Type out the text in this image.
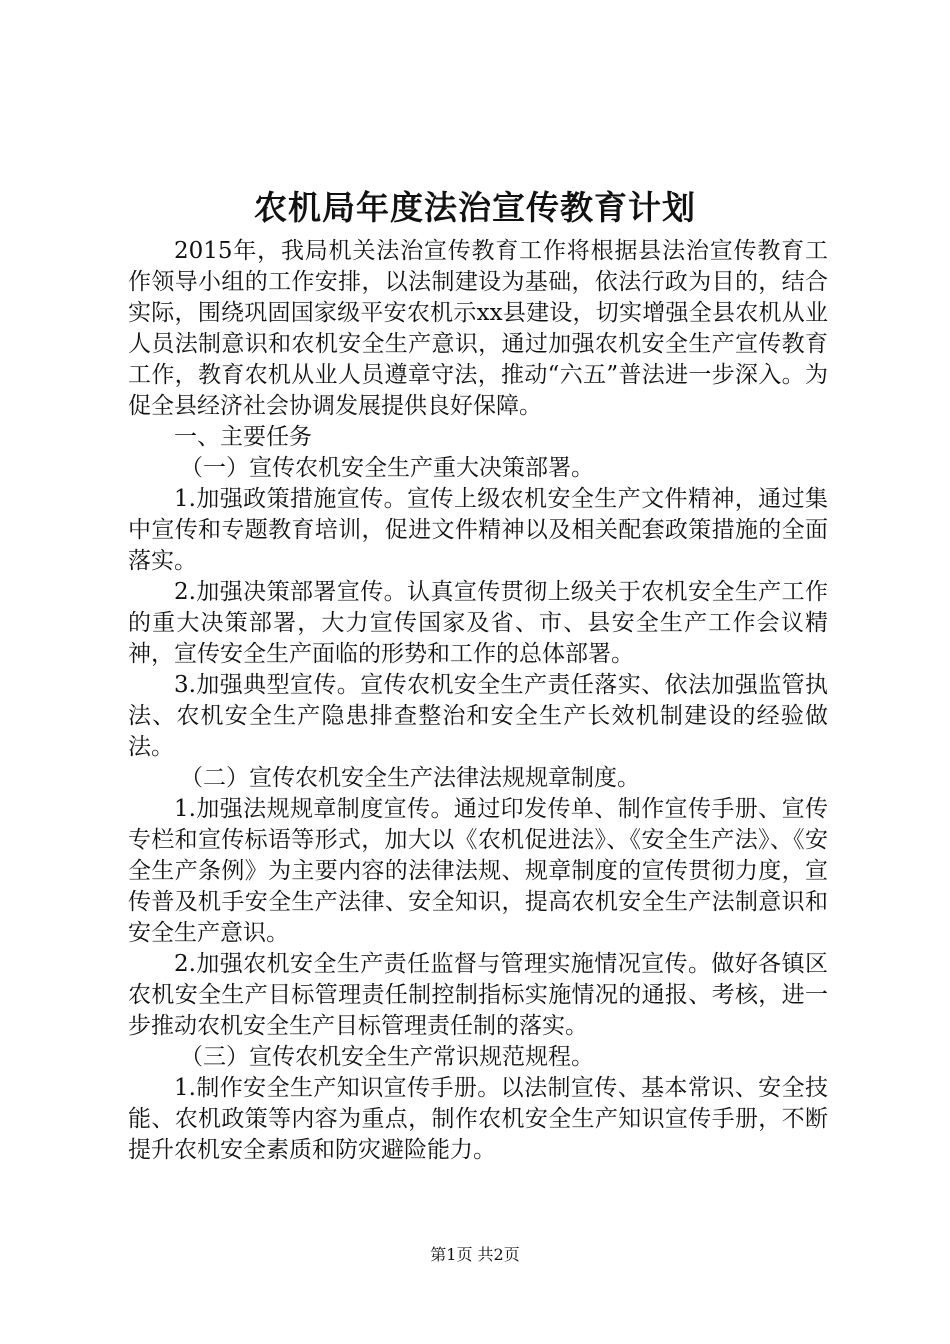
农机局年度法治宣传教育计划

2015年，我局机关法治宣传教育工作将根据县法治宣传教育工作领导小组的工作安排，以法制建设为基础，依法行政为目的，结合实际，围绕巩固国家级平安农机示xx县建设，切实增强全县农机从业人员法制意识和农机安全生产意识，通过加强农机安全生产宣传教育工作，教育农机从业人员遵章守法，推动“六五”普法进一步深入。为促全县经济社会协调发展提供良好保障。

一、主要任务

（一）宣传农机安全生产重大决策部署。

1.加强政策措施宣传。宣传上级农机安全生产文件精神，通过集中宣传和专题教育培训，促进文件精神以及相关配套政策措施的全面落实。

2.加强决策部署宣传。认真宣传贯彻上级关于农机安全生产工作的重大决策部署，大力宣传国家及省、市、县安全生产工作会议精神，宣传安全生产面临的形势和工作的总体部署。

3.加强典型宣传。宣传农机安全生产责任落实、依法加强监管执法、农机安全生产隐患排查整治和安全生产长效机制建设的经验做法。

（二）宣传农机安全生产法律法规规章制度。

1.加强法规规章制度宣传。通过印发传单、制作宣传手册、宣传专栏和宣传标语等形式，加大以《农机促进法》、《安全生产法》、《安全生产条例》为主要内容的法律法规、规章制度的宣传贯彻力度，宣传普及机手安全生产法律、安全知识，提高农机安全生产法制意识和安全生产意识。

2.加强农机安全生产责任监督与管理实施情况宣传。做好各镇区农机安全生产目标管理责任制控制指标实施情况的通报、考核，进一步推动农机安全生产目标管理责任制的落实。

（三）宣传农机安全生产常识规范规程。

1.制作安全生产知识宣传手册。以法制宣传、基本常识、安全技能、农机政策等内容为重点，制作农机安全生产知识宣传手册，不断提升农机安全素质和防灾避险能力。

第1页 共2页
